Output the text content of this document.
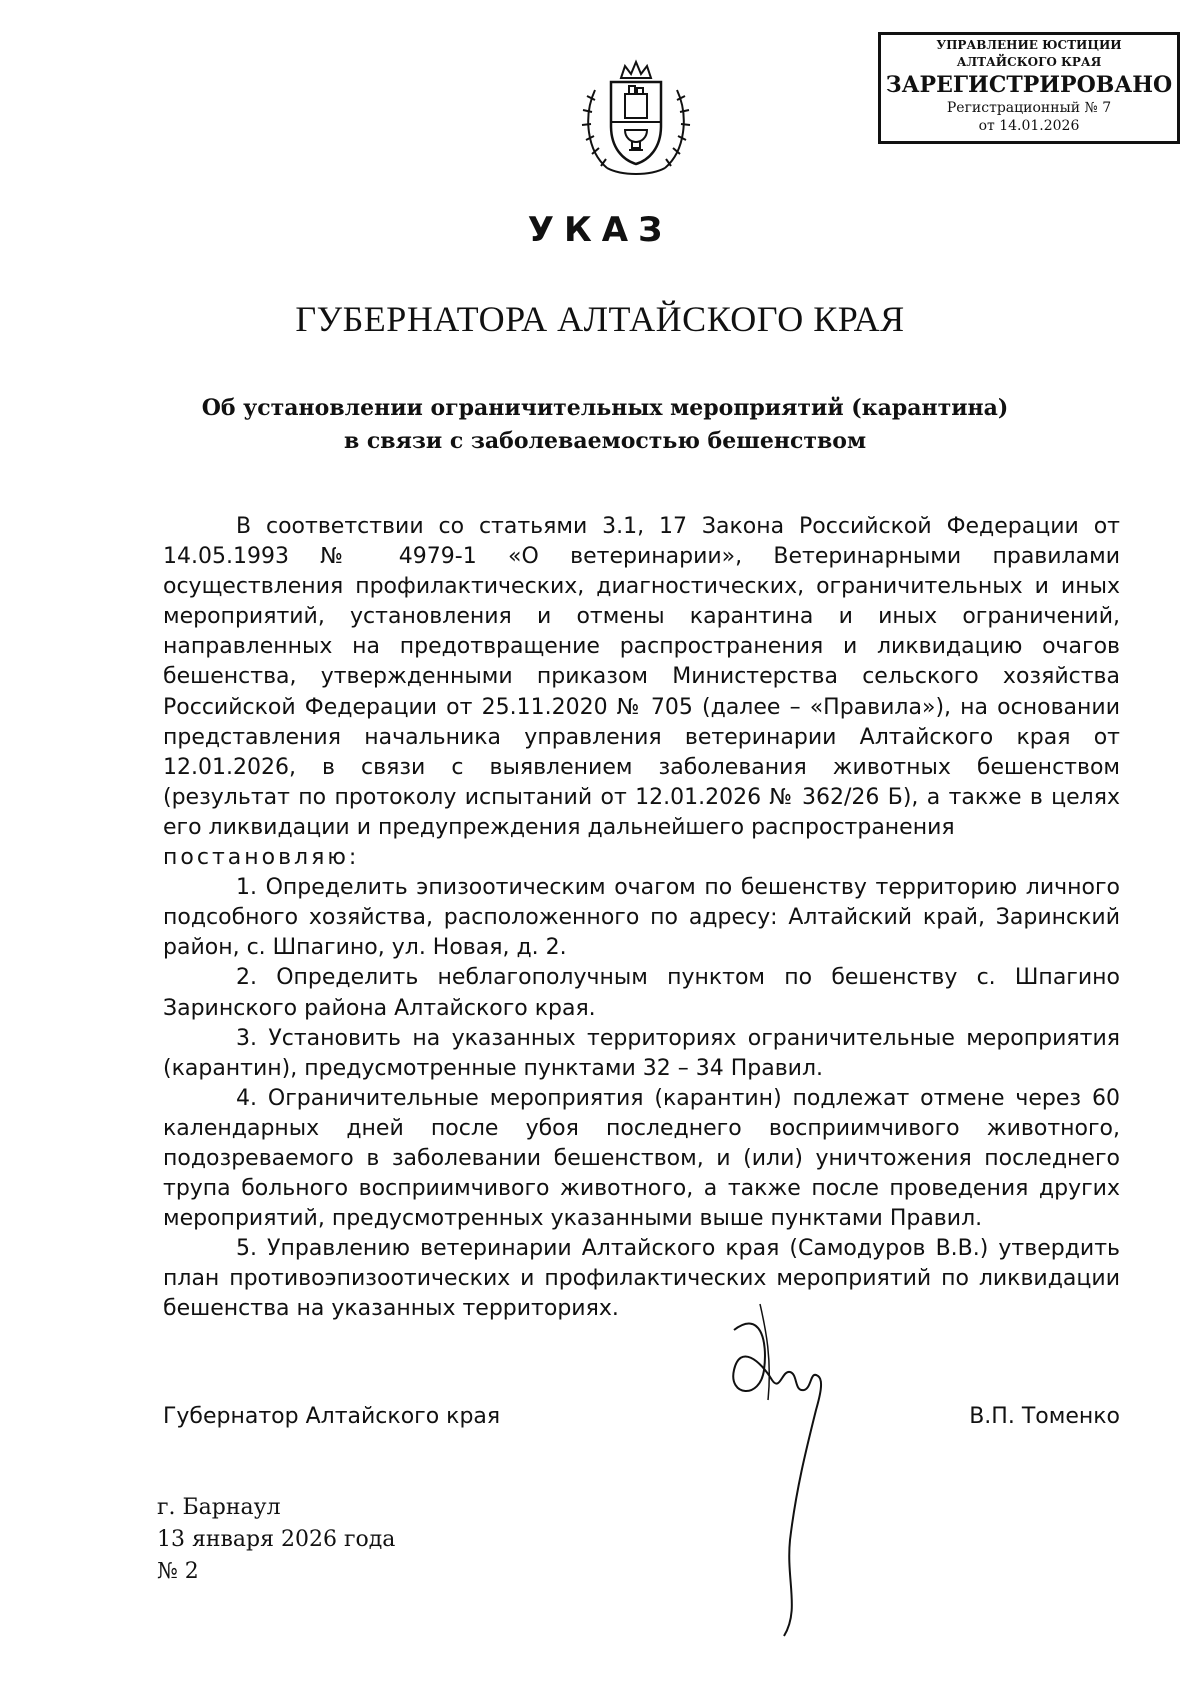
УПРАВЛЕНИЕ ЮСТИЦИИ
АЛТАЙСКОГО КРАЯ
ЗАРЕГИСТРИРОВАНО
Регистрационный № 7
от 14.01.2026
УКАЗ
ГУБЕРНАТОРА АЛТАЙСКОГО КРАЯ
Об установлении ограничительных мероприятий (карантина)
в связи с заболеваемостью бешенством

В соответствии со статьями 3.1, 17 Закона Российской Федерации от 14.05.1993 № 4979-1 «О ветеринарии», Ветеринарными правилами осуществления профилактических, диагностических, ограничительных и иных мероприятий, установления и отмены карантина и иных ограничений, направленных на предотвращение распространения и ликвидацию очагов бешенства, утвержденными приказом Министерства сельского хозяйства Российской Федерации от 25.11.2020 № 705 (далее – «Правила»), на основании представления начальника управления ветеринарии Алтайского края от 12.01.2026, в связи с выявлением заболевания животных бешенством (результат по протоколу испытаний от 12.01.2026 № 362/26 Б), а также в целях его ликвидации и предупреждения дальнейшего распространения

постановляю:

1. Определить эпизоотическим очагом по бешенству территорию личного подсобного хозяйства, расположенного по адресу: Алтайский край, Заринский район, с. Шпагино, ул. Новая, д. 2.

2. Определить неблагополучным пунктом по бешенству с. Шпагино Заринского района Алтайского края.

3. Установить на указанных территориях ограничительные мероприятия (карантин), предусмотренные пунктами 32 – 34 Правил.

4. Ограничительные мероприятия (карантин) подлежат отмене через 60 календарных дней после убоя последнего восприимчивого животного, подозреваемого в заболевании бешенством, и (или) уничтожения последнего трупа больного восприимчивого животного, а также после проведения других мероприятий, предусмотренных указанными выше пунктами Правил.

5. Управлению ветеринарии Алтайского края (Самодуров В.В.) утвердить план противоэпизоотических и профилактических мероприятий по ликвидации бешенства на указанных территориях.

Губернатор Алтайского края	В.П. Томенко
г. Барнаул
13 января 2026 года
№ 2
